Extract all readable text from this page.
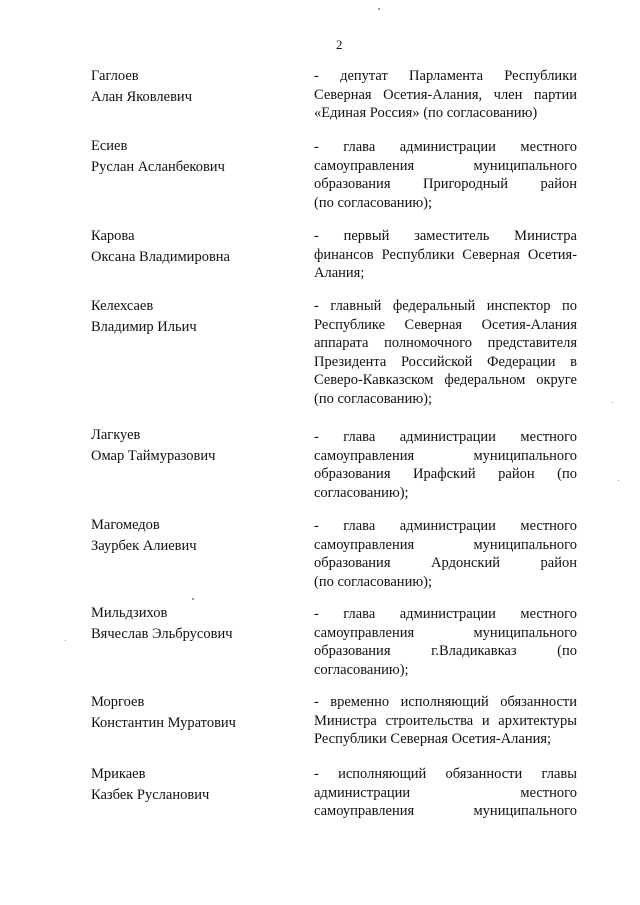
2
Гаглоев
Алан Яковлевич
- депутат Парламента Республики
Северная Осетия-Алания, член партии
«Единая Россия» (по согласованию)
Есиев
Руслан Асланбекович
- глава администрации местного
самоуправления муниципального
образования Пригородный район
(по согласованию);
Карова
Оксана Владимировна
- первый заместитель Министра
финансов Республики Северная Осетия-
Алания;
Келехсаев
Владимир Ильич
- главный федеральный инспектор по
Республике Северная Осетия-Алания
аппарата полномочного представителя
Президента Российской Федерации в
Северо-Кавказском федеральном округе
(по согласованию);
Лагкуев
Омар Таймуразович
- глава администрации местного
самоуправления муниципального
образования Ирафский район (по
согласованию);
Магомедов
Заурбек Алиевич
- глава администрации местного
самоуправления муниципального
образования Ардонский район
(по согласованию);
Мильдзихов
Вячеслав Эльбрусович
- глава администрации местного
самоуправления муниципального
образования г.Владикавказ (по
согласованию);
Моргоев
Константин Муратович
- временно исполняющий обязанности
Министра строительства и архитектуры
Республики Северная Осетия-Алания;
Мрикаев
Казбек Русланович
- исполняющий обязанности главы
администрации местного
самоуправления муниципального
